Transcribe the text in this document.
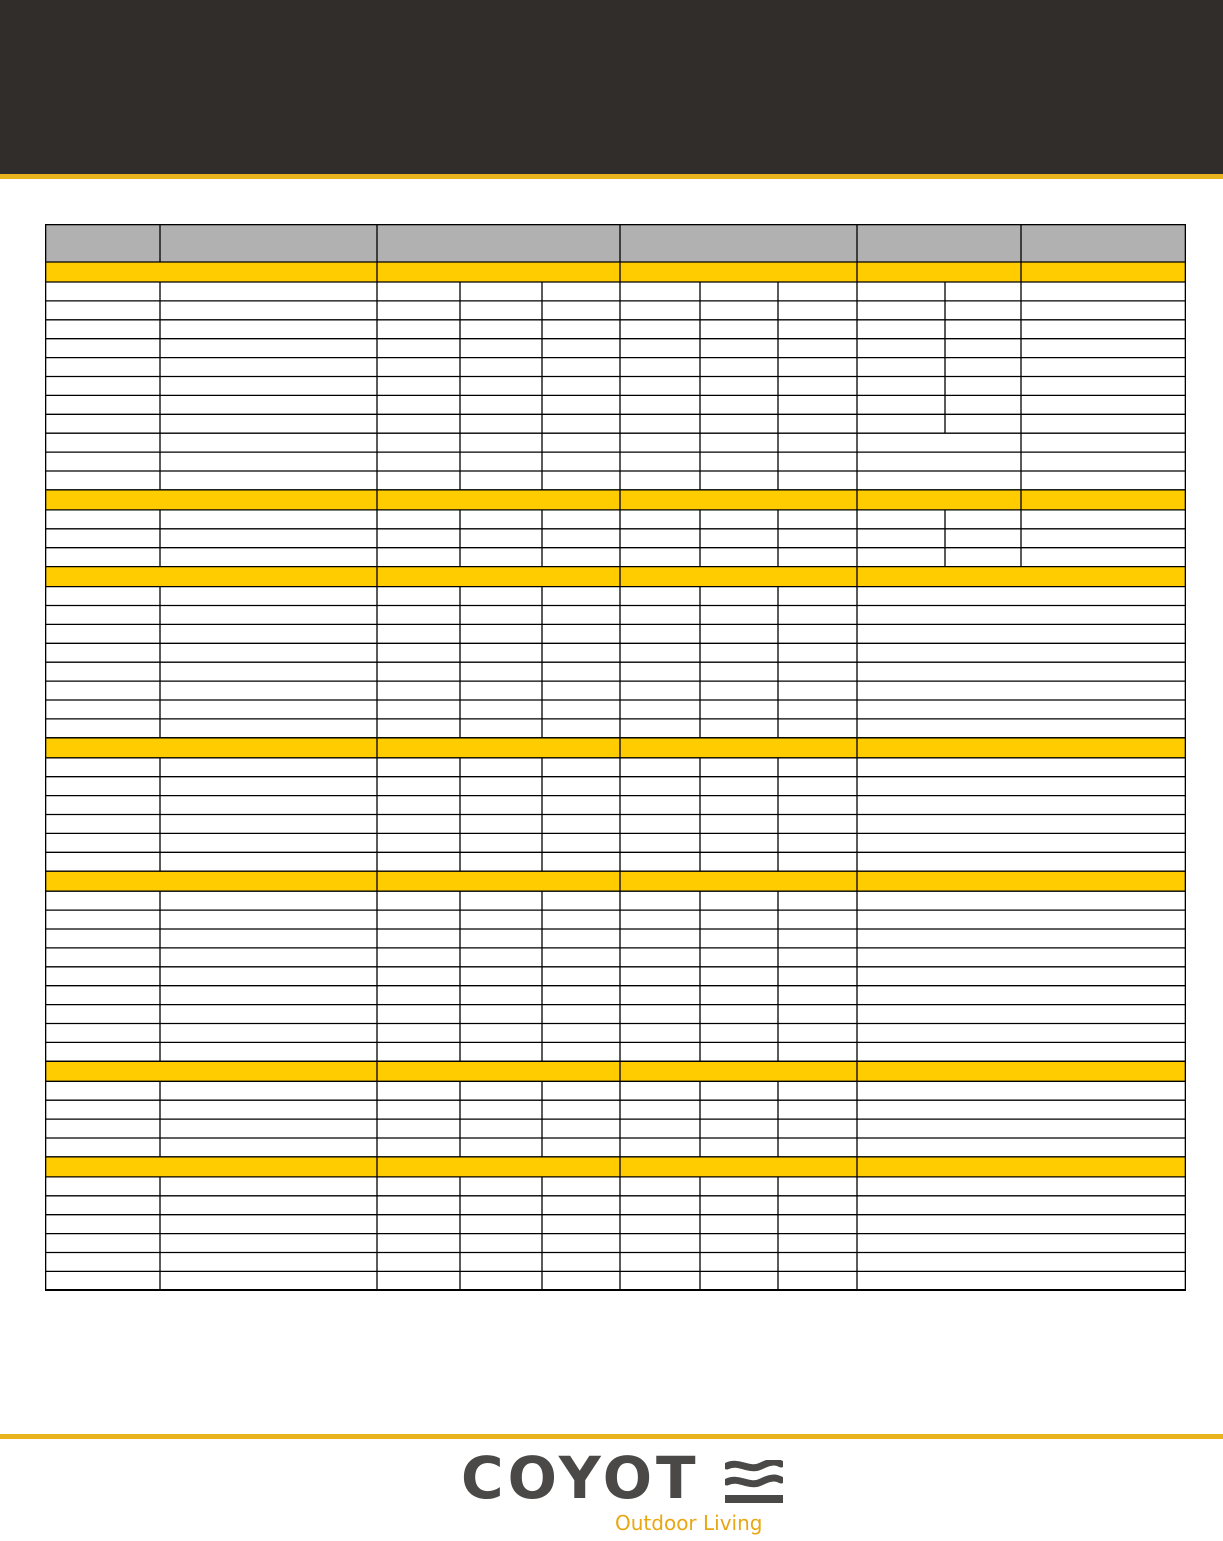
COYOT
Outdoor Living
